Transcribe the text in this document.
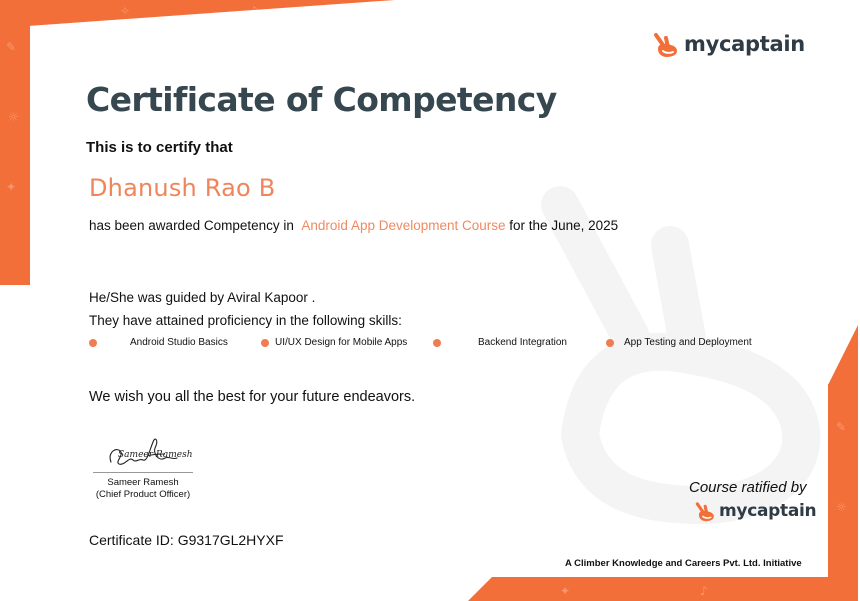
✎
☼
✦
✧	♪
✎
☼
✦	♪
mycaptain
Certificate of Competency
This is to certify that
Dhanush Rao B
has been awarded Competency in Android App Development Course for the June, 2025
He/She was guided by Aviral Kapoor .
They have attained proficiency in the following skills:
Android Studio Basics	UI/UX Design for Mobile Apps	Backend Integration	App Testing and Deployment
We wish you all the best for your future endeavors.
Sameer Ramesh
Sameer Ramesh
(Chief Product Officer)	Course ratified by
mycaptain
Certificate ID: G9317GL2HYXF
A Climber Knowledge and Careers Pvt. Ltd. Initiative
